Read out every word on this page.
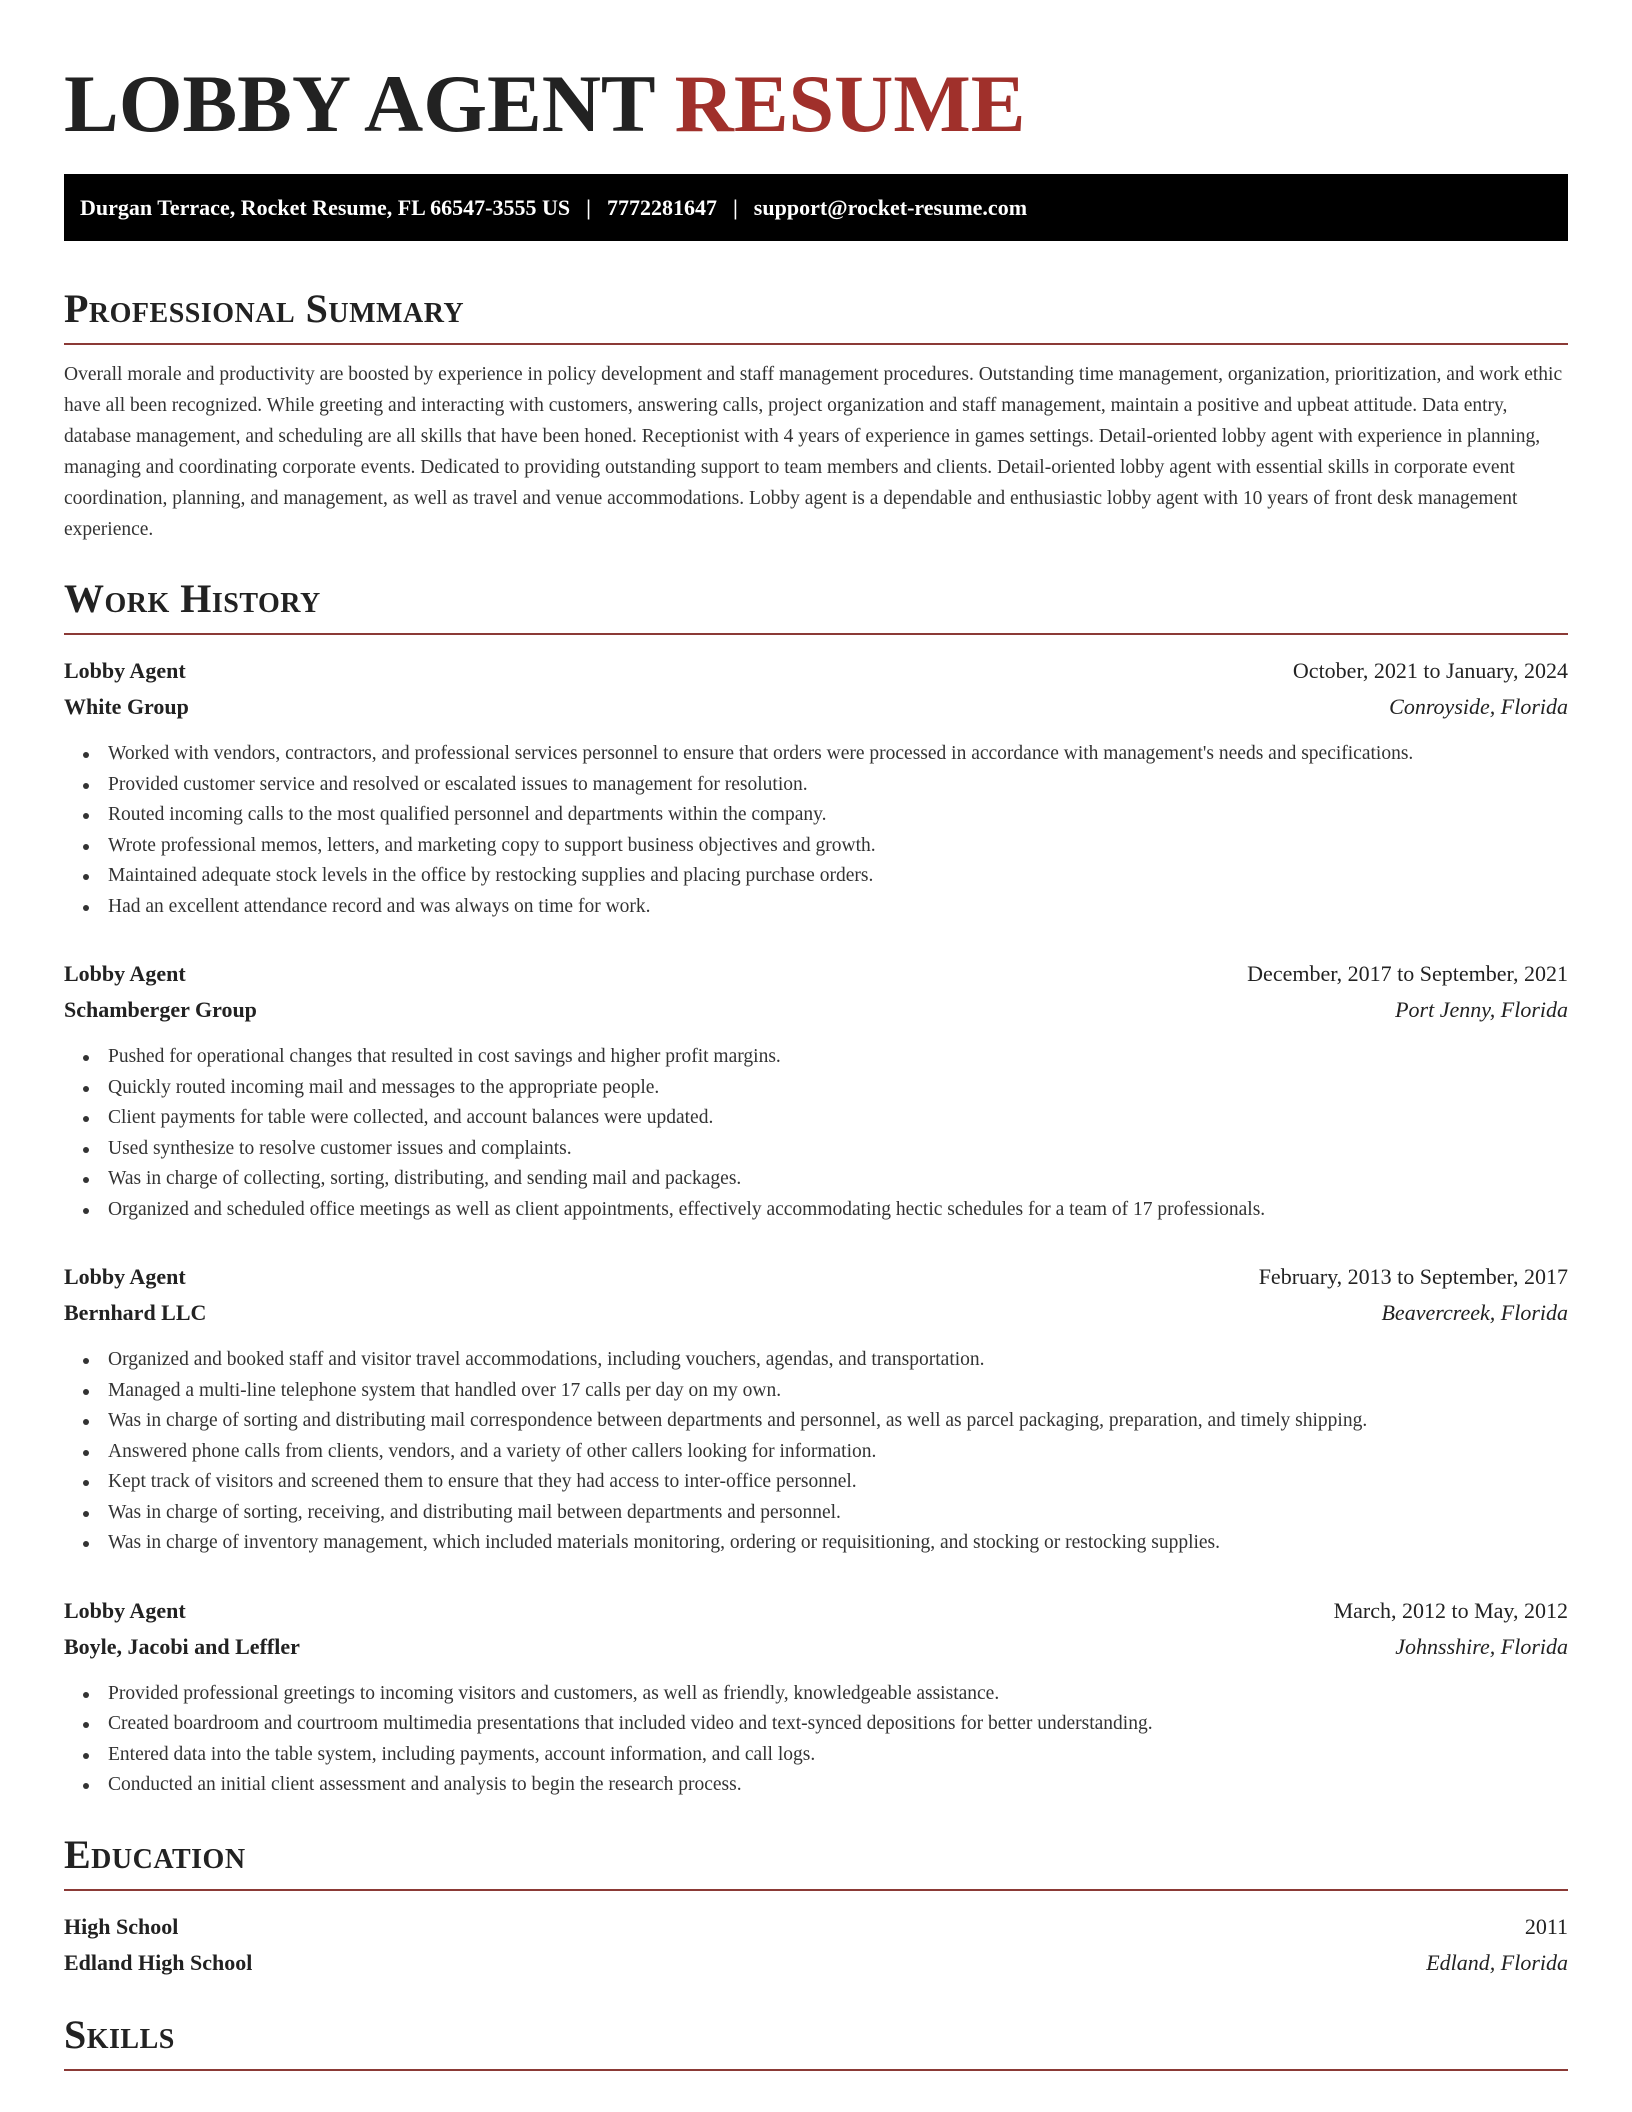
LOBBY AGENT RESUME
Durgan Terrace, Rocket Resume, FL 66547-3555 US | 7772281647 | support@rocket-resume.com
Professional Summary

Overall morale and productivity are boosted by experience in policy development and staff management procedures. Outstanding time management, organization, prioritization, and work ethic have all been recognized. While greeting and interacting with customers, answering calls, project organization and staff management, maintain a positive and upbeat attitude. Data entry, database management, and scheduling are all skills that have been honed. Receptionist with 4 years of experience in games settings. Detail-oriented lobby agent with experience in planning, managing and coordinating corporate events. Dedicated to providing outstanding support to team members and clients. Detail-oriented lobby agent with essential skills in corporate event coordination, planning, and management, as well as travel and venue accommodations. Lobby agent is a dependable and enthusiastic lobby agent with 10 years of front desk management experience.

Work History
Lobby Agent	October, 2021 to January, 2024
White Group	Conroyside, Florida
Worked with vendors, contractors, and professional services personnel to ensure that orders were processed in accordance with management's needs and specifications.
Provided customer service and resolved or escalated issues to management for resolution.
Routed incoming calls to the most qualified personnel and departments within the company.
Wrote professional memos, letters, and marketing copy to support business objectives and growth.
Maintained adequate stock levels in the office by restocking supplies and placing purchase orders.
Had an excellent attendance record and was always on time for work.
Lobby Agent	December, 2017 to September, 2021
Schamberger Group	Port Jenny, Florida
Pushed for operational changes that resulted in cost savings and higher profit margins.
Quickly routed incoming mail and messages to the appropriate people.
Client payments for table were collected, and account balances were updated.
Used synthesize to resolve customer issues and complaints.
Was in charge of collecting, sorting, distributing, and sending mail and packages.
Organized and scheduled office meetings as well as client appointments, effectively accommodating hectic schedules for a team of 17 professionals.
Lobby Agent	February, 2013 to September, 2017
Bernhard LLC	Beavercreek, Florida
Organized and booked staff and visitor travel accommodations, including vouchers, agendas, and transportation.
Managed a multi-line telephone system that handled over 17 calls per day on my own.
Was in charge of sorting and distributing mail correspondence between departments and personnel, as well as parcel packaging, preparation, and timely shipping.
Answered phone calls from clients, vendors, and a variety of other callers looking for information.
Kept track of visitors and screened them to ensure that they had access to inter-office personnel.
Was in charge of sorting, receiving, and distributing mail between departments and personnel.
Was in charge of inventory management, which included materials monitoring, ordering or requisitioning, and stocking or restocking supplies.
Lobby Agent	March, 2012 to May, 2012
Boyle, Jacobi and Leffler	Johnsshire, Florida
Provided professional greetings to incoming visitors and customers, as well as friendly, knowledgeable assistance.
Created boardroom and courtroom multimedia presentations that included video and text-synced depositions for better understanding.
Entered data into the table system, including payments, account information, and call logs.
Conducted an initial client assessment and analysis to begin the research process.
Education
High School	2011
Edland High School	Edland, Florida
Skills
